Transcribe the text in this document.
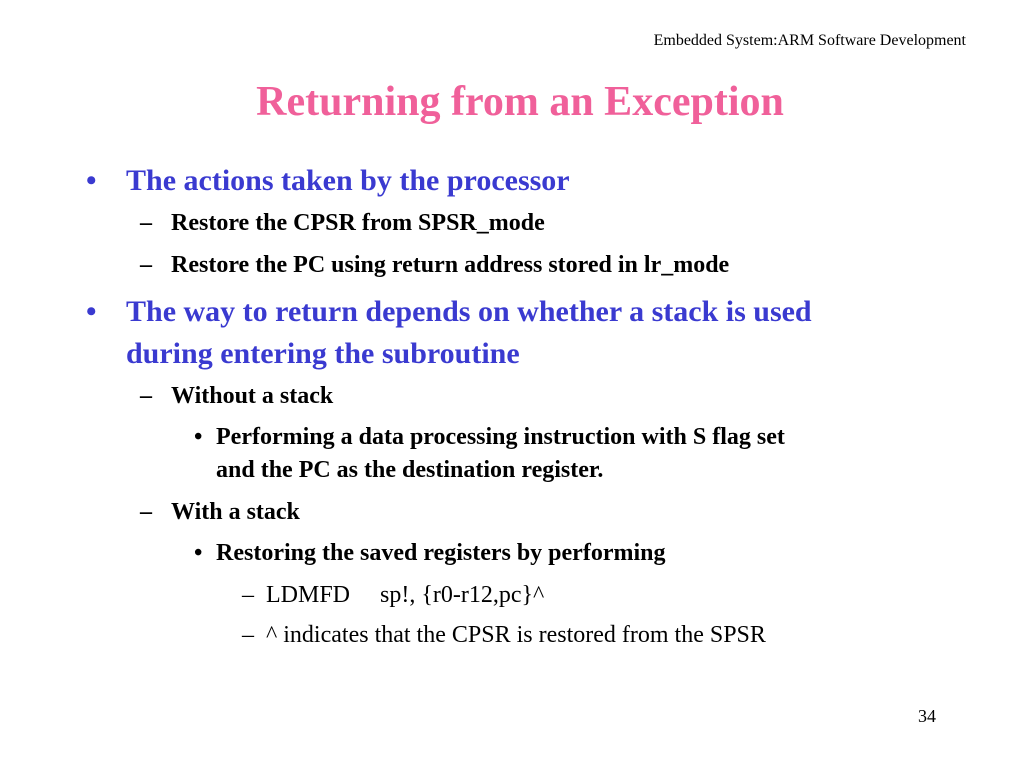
Embedded System:ARM Software Development
Returning from an Exception
• The actions taken by the processor
– Restore the CPSR from SPSR_mode
– Restore the PC using return address stored in lr_mode
• The way to return depends on whether a stack is used
during entering the subroutine
– Without a stack
• Performing a data processing instruction with S flag set
and the PC as the destination register.
– With a stack
• Restoring the saved registers by performing
– LDMFD sp!, {r0-r12,pc}^
– ^ indicates that the CPSR is restored from the SPSR
34
